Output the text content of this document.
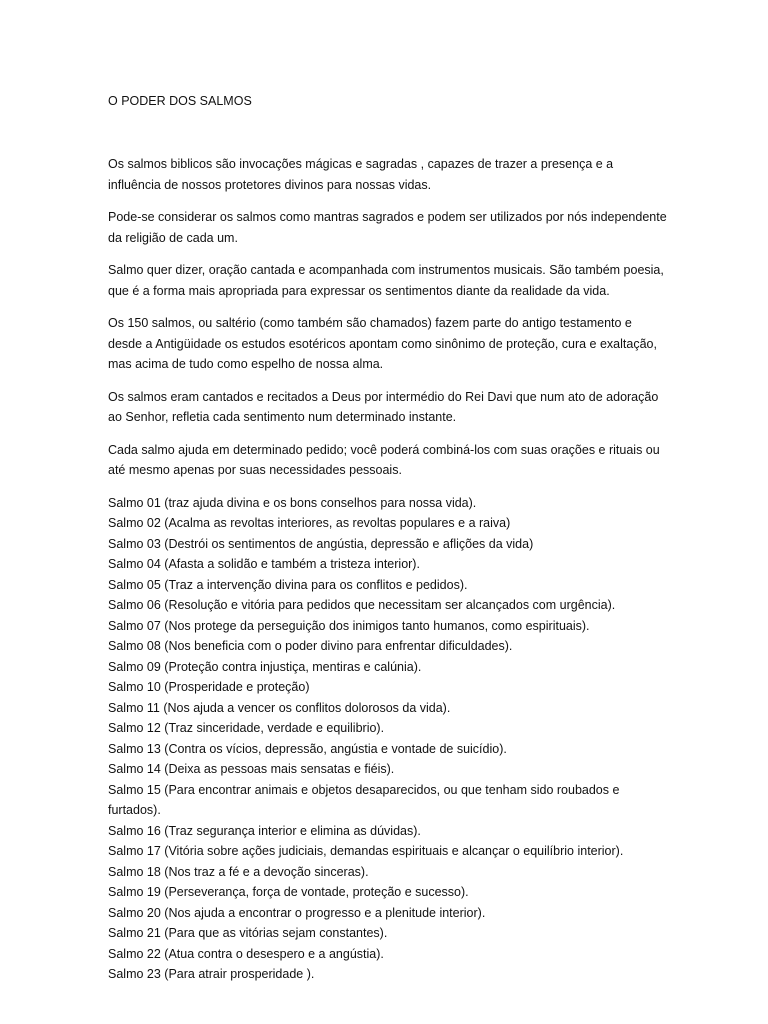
O PODER DOS SALMOS

Os salmos biblicos são invocações mágicas e sagradas , capazes de trazer a presença e a influência de nossos protetores divinos para nossas vidas.

Pode-se considerar os salmos como mantras sagrados e podem ser utilizados por nós independente da religião de cada um.

Salmo quer dizer, oração cantada e acompanhada com instrumentos musicais. São também poesia, que é a forma mais apropriada para expressar os sentimentos diante da realidade da vida.

Os 150 salmos, ou saltério (como também são chamados) fazem parte do antigo testamento e desde a Antigüidade os estudos esotéricos apontam como sinônimo de proteção, cura e exaltação, mas acima de tudo como espelho de nossa alma.

Os salmos eram cantados e recitados a Deus por intermédio do Rei Davi que num ato de adoração ao Senhor, refletia cada sentimento num determinado instante.

Cada salmo ajuda em determinado pedido; você poderá combiná-los com suas orações e rituais ou até mesmo apenas por suas necessidades pessoais.

Salmo 01 (traz ajuda divina e os bons conselhos para nossa vida).
Salmo 02 (Acalma as revoltas interiores, as revoltas populares e a raiva)
Salmo 03 (Destrói os sentimentos de angústia, depressão e aflições da vida)
Salmo 04 (Afasta a solidão e também a tristeza interior).
Salmo 05 (Traz a intervenção divina para os conflitos e pedidos).
Salmo 06 (Resolução e vitória para pedidos que necessitam ser alcançados com urgência).
Salmo 07 (Nos protege da perseguição dos inimigos tanto humanos, como espirituais).
Salmo 08 (Nos beneficia com o poder divino para enfrentar dificuldades).
Salmo 09 (Proteção contra injustiça, mentiras e calúnia).
Salmo 10 (Prosperidade e proteção)
Salmo 11 (Nos ajuda a vencer os conflitos dolorosos da vida).
Salmo 12 (Traz sinceridade, verdade e equilibrio).
Salmo 13 (Contra os vícios, depressão, angústia e vontade de suicídio).
Salmo 14 (Deixa as pessoas mais sensatas e fiéis).
Salmo 15 (Para encontrar animais e objetos desaparecidos, ou que tenham sido roubados e furtados).
Salmo 16 (Traz segurança interior e elimina as dúvidas).
Salmo 17 (Vitória sobre ações judiciais, demandas espirituais e alcançar o equilíbrio interior).
Salmo 18 (Nos traz a fé e a devoção sinceras).
Salmo 19 (Perseverança, força de vontade, proteção e sucesso).
Salmo 20 (Nos ajuda a encontrar o progresso e a plenitude interior).
Salmo 21 (Para que as vitórias sejam constantes).
Salmo 22 (Atua contra o desespero e a angústia).
Salmo 23 (Para atrair prosperidade ).
